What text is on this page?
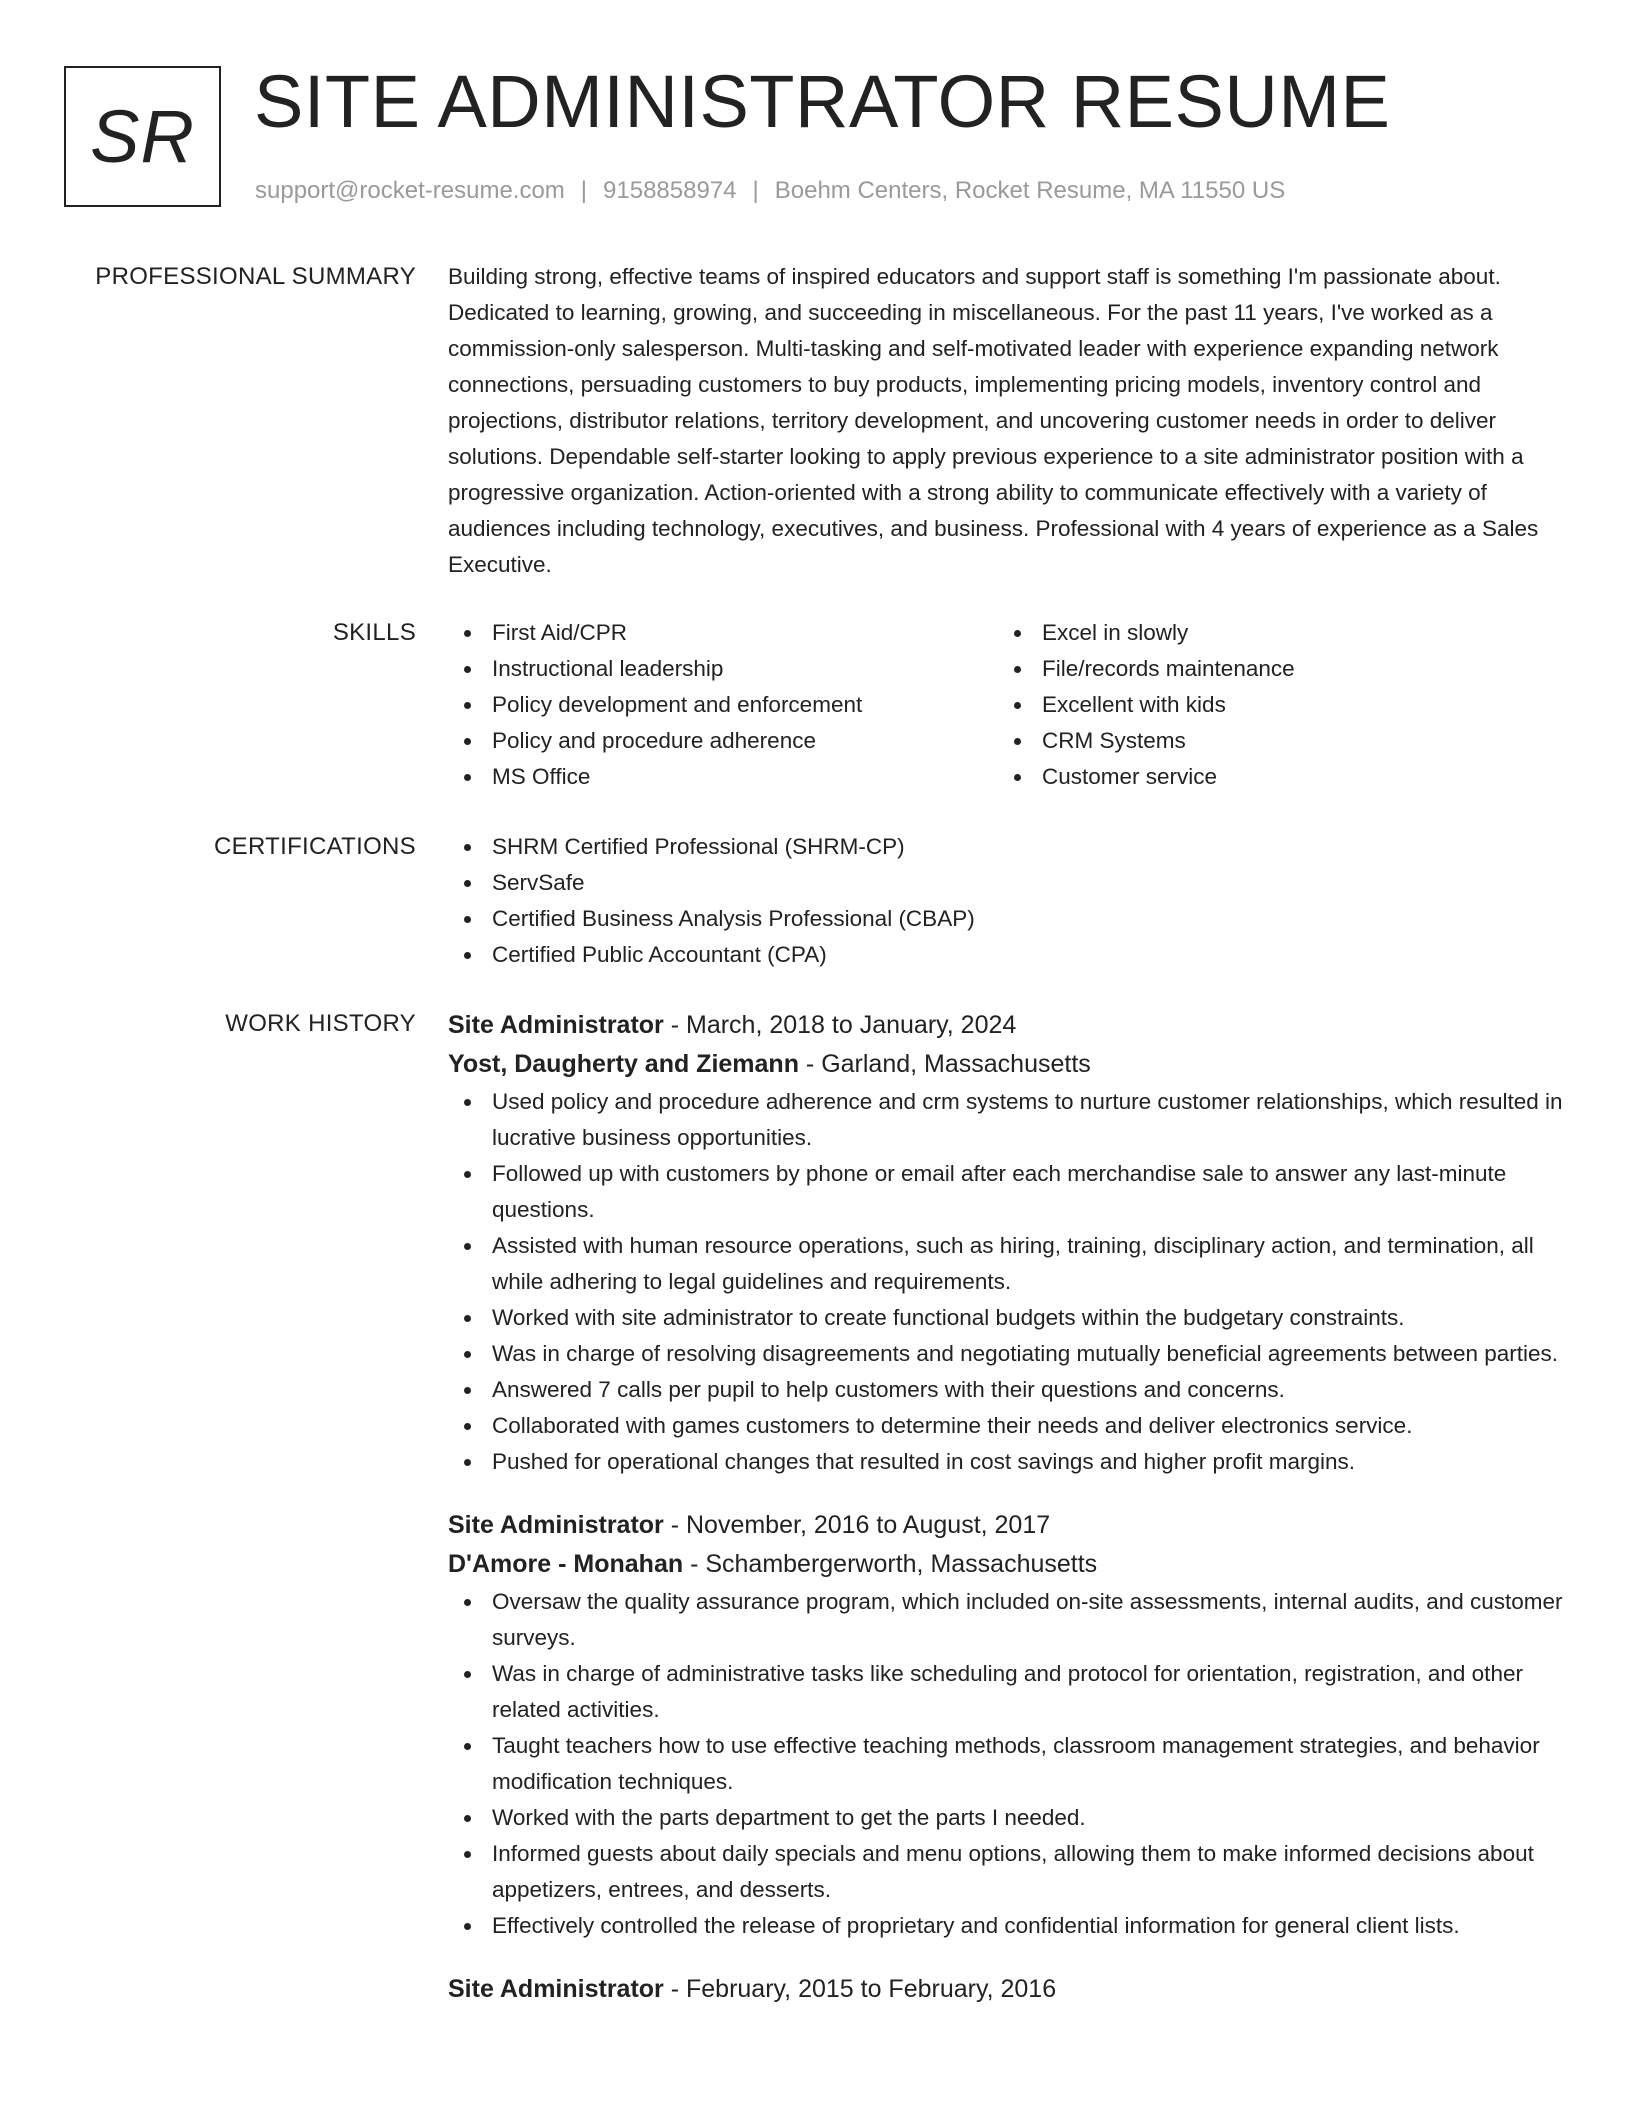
SR SITE ADMINISTRATOR RESUME
support@rocket-resume.com | 9158858974 | Boehm Centers, Rocket Resume, MA 11550 US
PROFESSIONAL SUMMARY Building strong, effective teams of inspired educators and support staff is something I'm passionate about. Dedicated to learning, growing, and succeeding in miscellaneous. For the past 11 years, I've worked as a commission-only salesperson. Multi-tasking and self-motivated leader with experience expanding network connections, persuading customers to buy products, implementing pricing models, inventory control and projections, distributor relations, territory development, and uncovering customer needs in order to deliver solutions. Dependable self-starter looking to apply previous experience to a site administrator position with a progressive organization. Action-oriented with a strong ability to communicate effectively with a variety of audiences including technology, executives, and business. Professional with 4 years of experience as a Sales Executive.

SKILLS	First Aid/CPR
Instructional leadership
Policy development and enforcement
Policy and procedure adherence
MS Office
Excel in slowly
File/records maintenance
Excellent with kids
CRM Systems
Customer service
CERTIFICATIONS	SHRM Certified Professional (SHRM-CP)
ServSafe
Certified Business Analysis Professional (CBAP)
Certified Public Accountant (CPA)
WORK HISTORY Site Administrator - March, 2018 to January, 2024
Yost, Daugherty and Ziemann - Garland, Massachusetts
Used policy and procedure adherence and crm systems to nurture customer relationships, which resulted in lucrative business opportunities.
Followed up with customers by phone or email after each merchandise sale to answer any last-minute questions.
Assisted with human resource operations, such as hiring, training, disciplinary action, and termination, all while adhering to legal guidelines and requirements.
Worked with site administrator to create functional budgets within the budgetary constraints.
Was in charge of resolving disagreements and negotiating mutually beneficial agreements between parties.
Answered 7 calls per pupil to help customers with their questions and concerns.
Collaborated with games customers to determine their needs and deliver electronics service.
Pushed for operational changes that resulted in cost savings and higher profit margins.
Site Administrator - November, 2016 to August, 2017
D'Amore - Monahan - Schambergerworth, Massachusetts
Oversaw the quality assurance program, which included on-site assessments, internal audits, and customer surveys.
Was in charge of administrative tasks like scheduling and protocol for orientation, registration, and other related activities.
Taught teachers how to use effective teaching methods, classroom management strategies, and behavior modification techniques.
Worked with the parts department to get the parts I needed.
Informed guests about daily specials and menu options, allowing them to make informed decisions about appetizers, entrees, and desserts.
Effectively controlled the release of proprietary and confidential information for general client lists.
Site Administrator - February, 2015 to February, 2016
